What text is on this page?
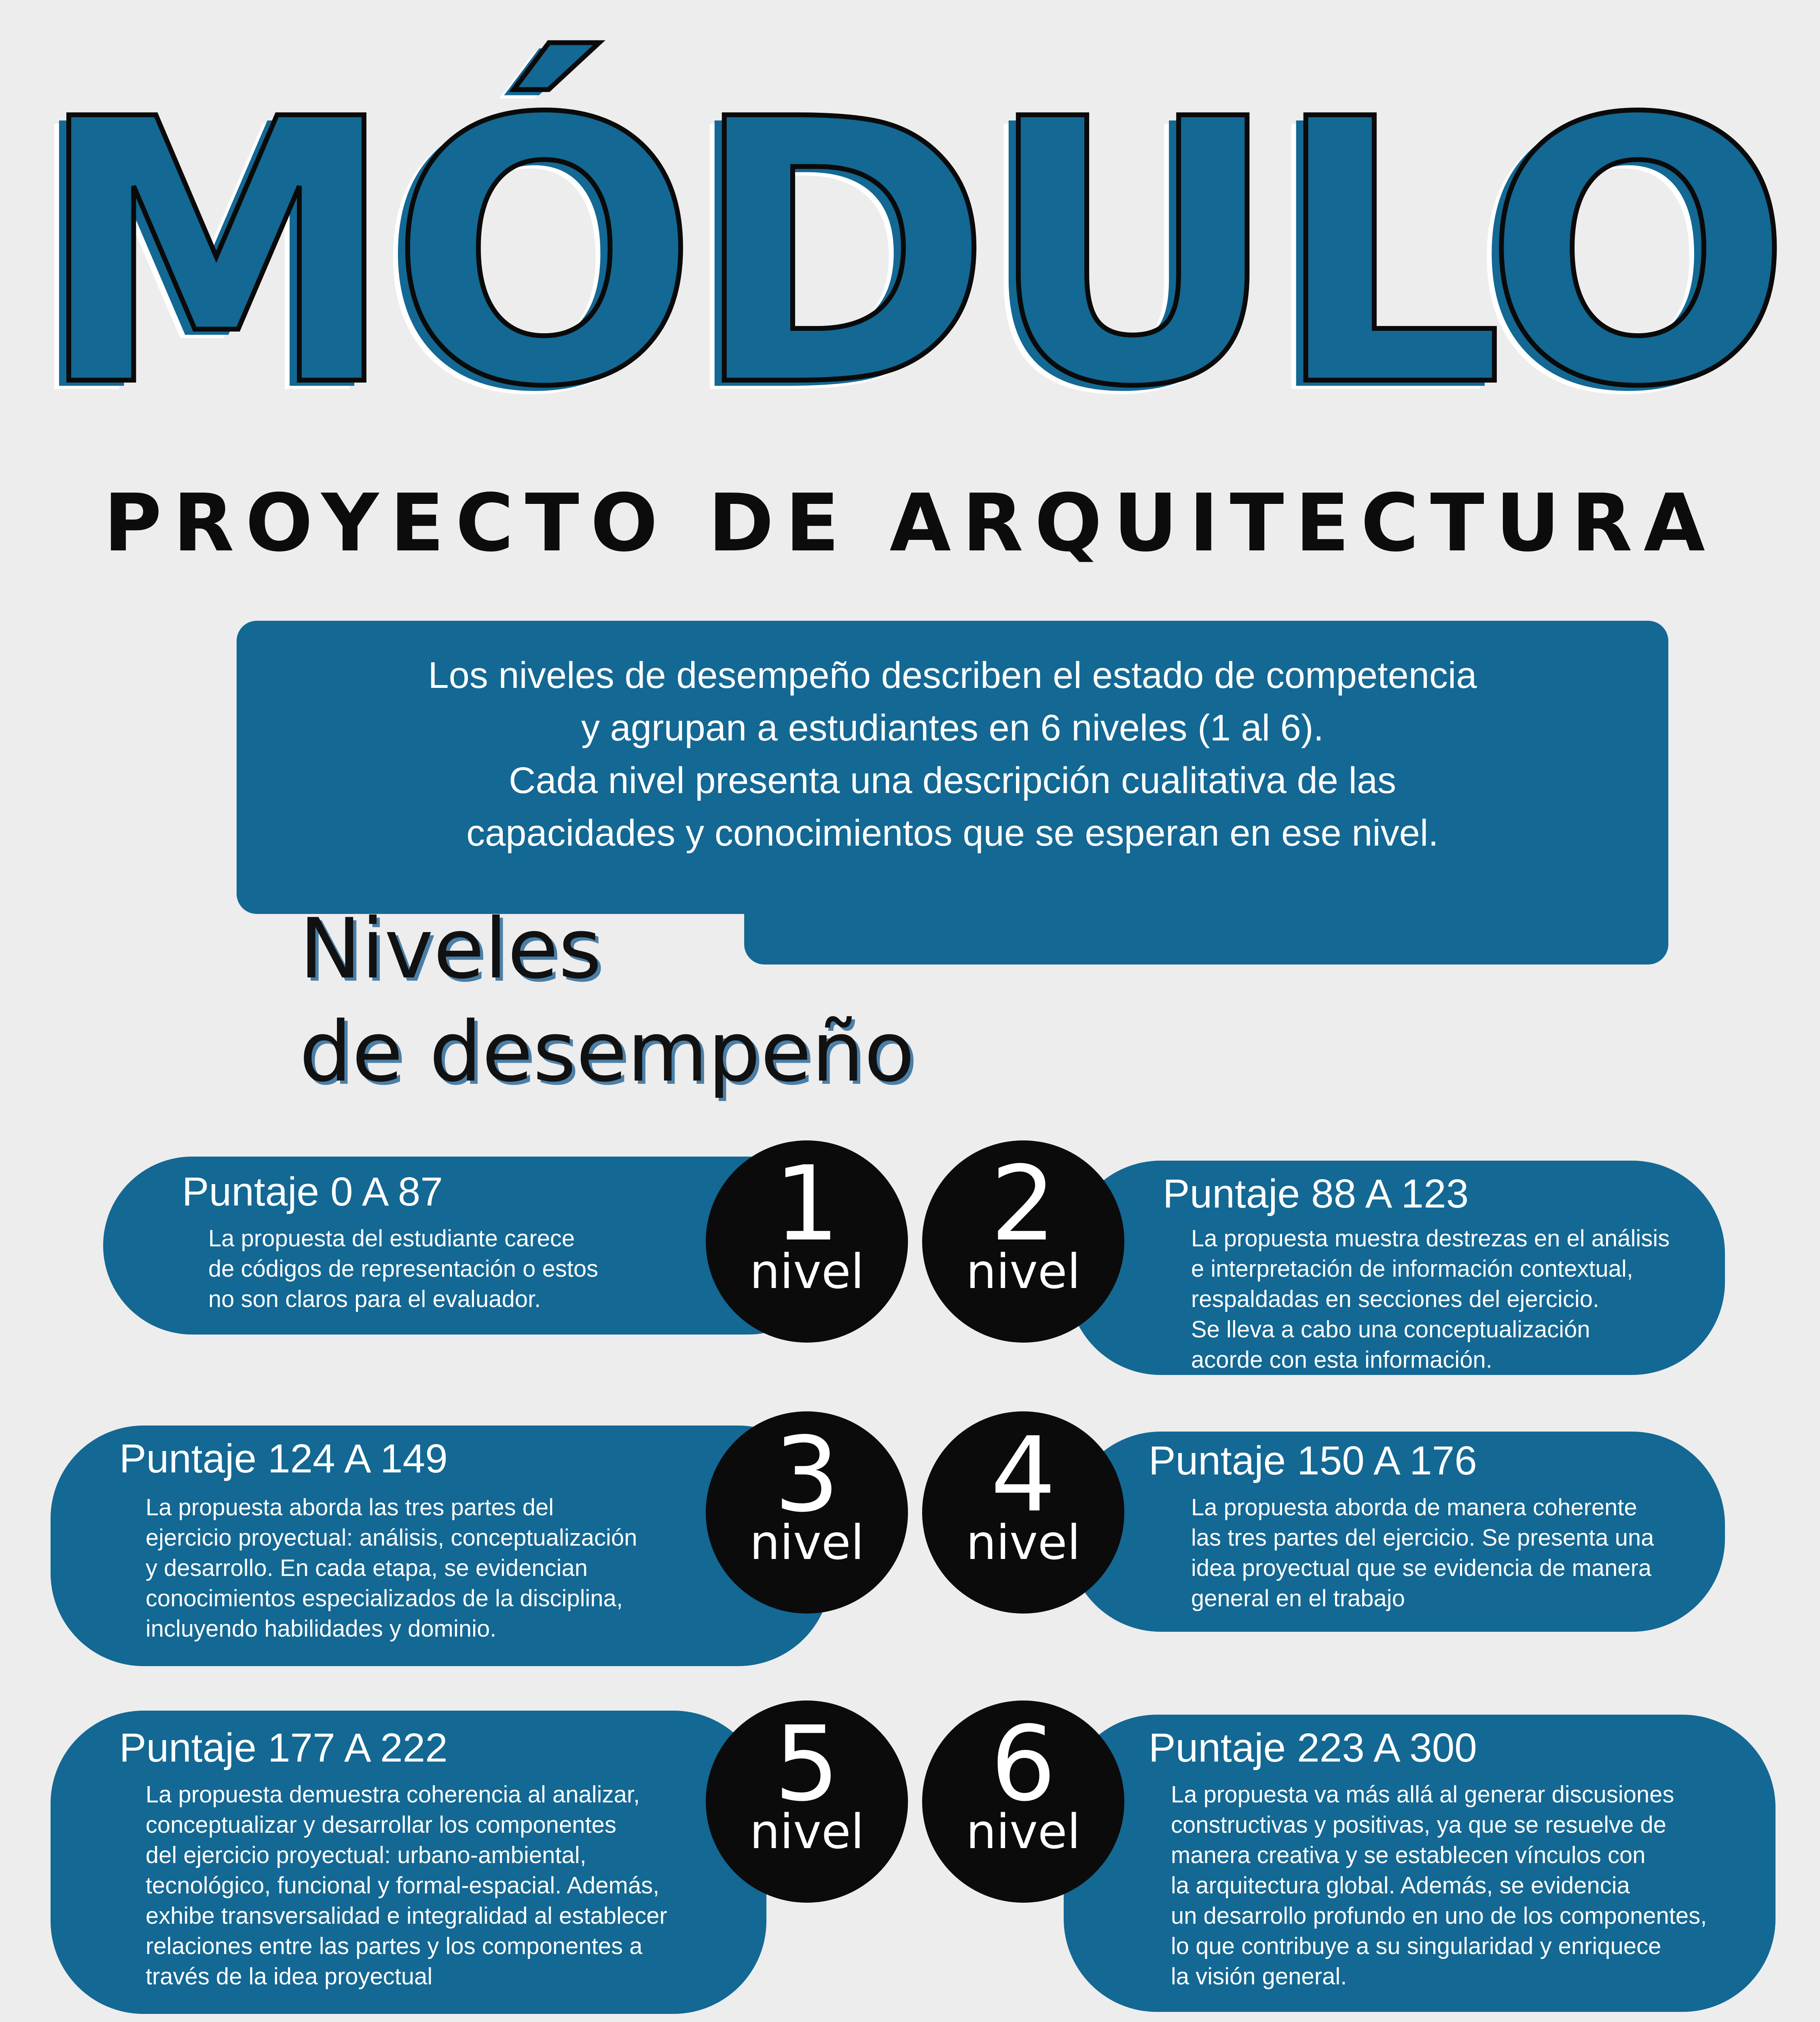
MÓDULO
PROYECTO DE ARQUITECTURA
Los niveles de desempeño describen el estado de competencia
y agrupan a estudiantes en 6 niveles (1 al 6).
Cada nivel presenta una descripción cualitativa de las
capacidades y conocimientos que se esperan en ese nivel.
Niveles
de desempeño
Puntaje 0 A 87
La propuesta del estudiante carece
de códigos de representación o estos
no son claros para el evaluador.
Puntaje 88 A 123
La propuesta muestra destrezas en el análisis
e interpretación de información contextual,
respaldadas en secciones del ejercicio.
Se lleva a cabo una conceptualización
acorde con esta información.
Puntaje 124 A 149
La propuesta aborda las tres partes del
ejercicio proyectual: análisis, conceptualización
y desarrollo. En cada etapa, se evidencian
conocimientos especializados de la disciplina,
incluyendo habilidades y dominio.
Puntaje 150 A 176
La propuesta aborda de manera coherente
las tres partes del ejercicio. Se presenta una
idea proyectual que se evidencia de manera
general en el trabajo
Puntaje 177 A 222
La propuesta demuestra coherencia al analizar,
conceptualizar y desarrollar los componentes
del ejercicio proyectual: urbano-ambiental,
tecnológico, funcional y formal-espacial. Además,
exhibe transversalidad e integralidad al establecer
relaciones entre las partes y los componentes a
través de la idea proyectual
Puntaje 223 A 300
La propuesta va más allá al generar discusiones
constructivas y positivas, ya que se resuelve de
manera creativa y se establecen vínculos con
la arquitectura global. Además, se evidencia
un desarrollo profundo en uno de los componentes,
lo que contribuye a su singularidad y enriquece
la visión general.
1
nivel
2
nivel
3
nivel
4
nivel
5
nivel
6
nivel
